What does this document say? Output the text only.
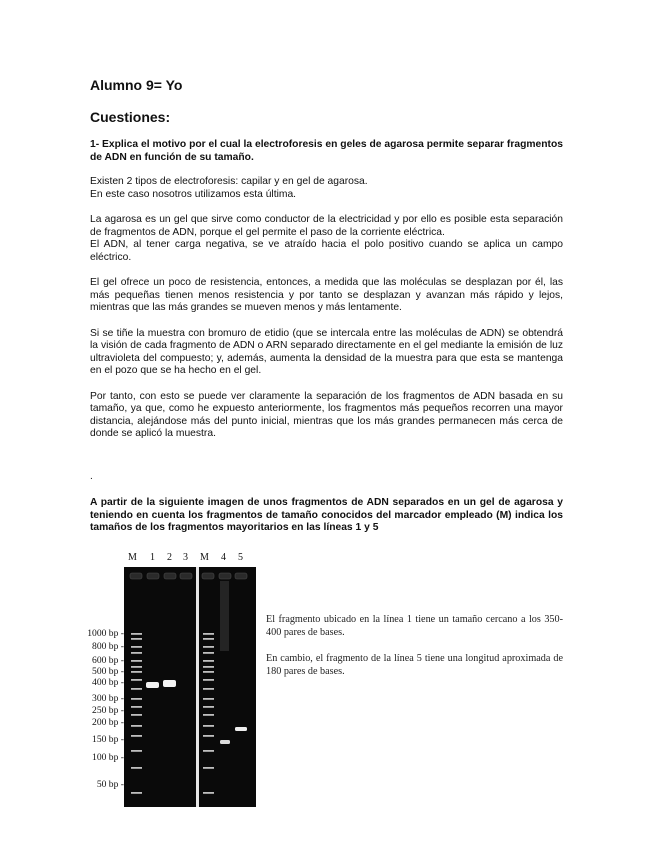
Alumno 9= Yo
Cuestiones:
1- Explica el motivo por el cual la electroforesis en geles de agarosa permite separar fragmentos de ADN en función de su tamaño.

Existen 2 tipos de electroforesis: capilar y en gel de agarosa.

En este caso nosotros utilizamos esta última.

La agarosa es un gel que sirve como conductor de la electricidad y por ello es posible esta separación de fragmentos de ADN, porque el gel permite el paso de la corriente eléctrica.

El ADN, al tener carga negativa, se ve atraído hacia el polo positivo cuando se aplica un campo eléctrico.

El gel ofrece un poco de resistencia, entonces, a medida que las moléculas se desplazan por él, las más pequeñas tienen menos resistencia y por tanto se desplazan y avanzan más rápido y lejos, mientras que las más grandes se mueven menos y más lentamente.

Si se tiñe la muestra con bromuro de etidio (que se intercala entre las moléculas de ADN) se obtendrá la visión de cada fragmento de ADN o ARN separado directamente en el gel mediante la emisión de luz ultravioleta del compuesto; y, además, aumenta la densidad de la muestra para que esta se mantenga en el pozo que se ha hecho en el gel.

Por tanto, con esto se puede ver claramente la separación de los fragmentos de ADN basada en su tamaño, ya que, como he expuesto anteriormente, los fragmentos más pequeños recorren una mayor distancia, alejándose más del punto inicial, mientras que los más grandes permanecen más cerca de donde se aplicó la muestra.

.
A partir de la siguiente imagen de unos fragmentos de ADN separados en un gel de agarosa y teniendo en cuenta los fragmentos de tamaño conocidos del marcador empleado (M) indica los tamaños de los fragmentos mayoritarios en las líneas 1 y 5
M 1 2 3 M 4 5
1000 bp -
800 bp -
600 bp -
500 bp -
400 bp -
300 bp -
250 bp -
200 bp -
150 bp -
100 bp -
50 bp -

El fragmento ubicado en la línea 1 tiene un tamaño cercano a los 350-400 pares de bases.

En cambio, el fragmento de la línea 5 tiene una longitud aproximada de 180 pares de bases.
